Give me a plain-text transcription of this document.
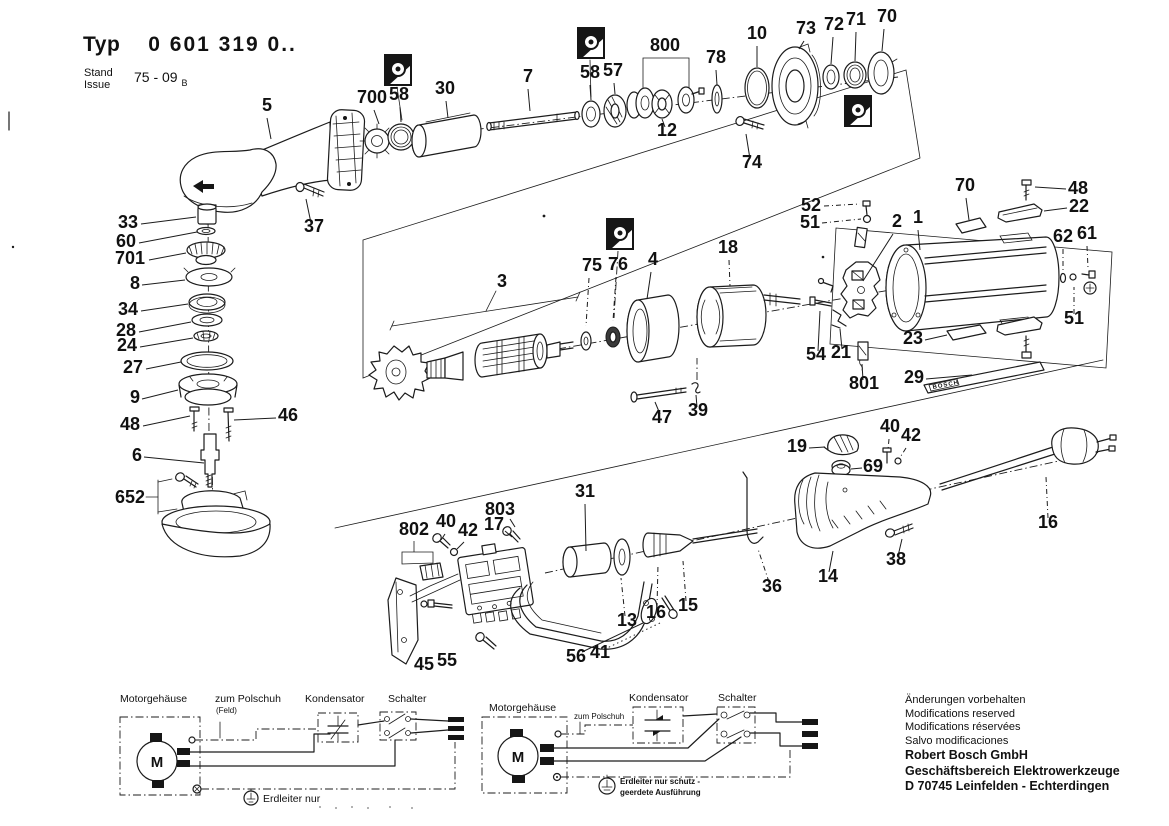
BOSCH
5	700 58 30
7	58 57
800
12
78
10 73 72 71 70
74
37
33
60
701
8
34
28
24
27
9
48	46
6
652
3
75 76 4
18
47 39
52
51	2 1
70	48
22
62 61
51
23
801 29
54 21
19
69
40 42
16
31
803
17
802 40 42
36 14
38
13 16 15
56 41
45 55
Motorgehäuse	zum Polschuh
(Feld)
Kondensator Schalter
M
Erdleiter nur
Motorgehäuse
zum Polschuh
Kondensator	Schalter
M
Erdleiter nur schutz -
geerdete Ausführung
Typ 0 601 319 0..
Stand
Issue 75 - 09 $_B$
Änderungen vorbehalten
Modifications reserved
Modifications réservées
Salvo modificaciones
Robert Bosch GmbH
Geschäftsbereich Elektrowerkzeuge
D 70745 Leinfelden - Echterdingen
